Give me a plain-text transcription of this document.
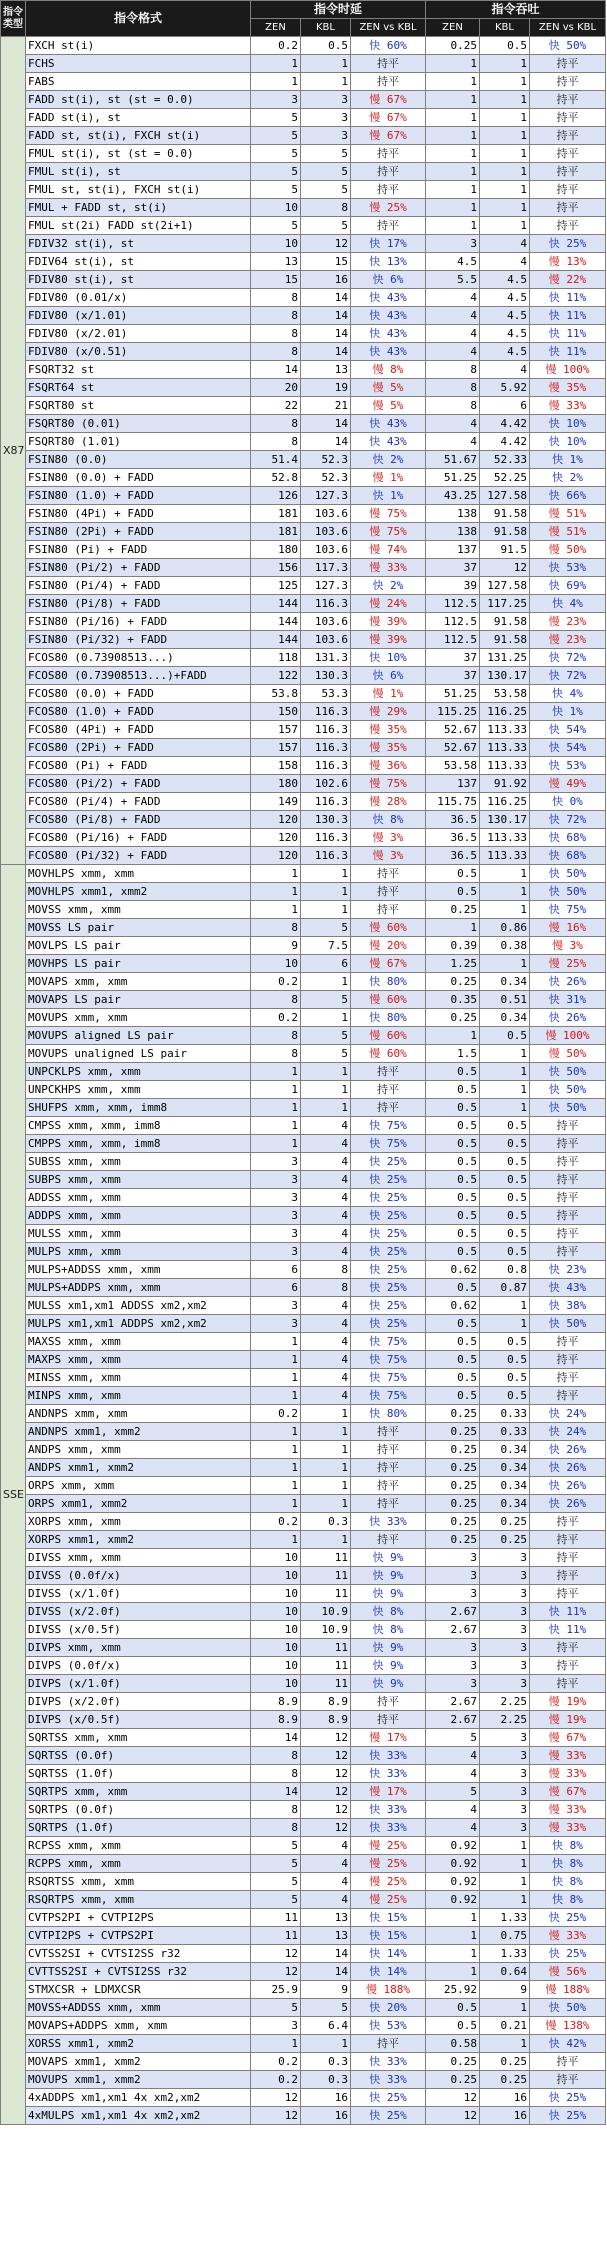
指令类型	指令格式	指令时延			指令吞吐		
		ZEN	KBL	ZEN vs KBL	ZEN	KBL	ZEN vs KBL
X87	FXCH st(i)	0.2	0.5	快 60%	0.25	0.5	快 50%
	FCHS	1	1	持平	1	1	持平
	FABS	1	1	持平	1	1	持平
	FADD st(i), st (st = 0.0)	3	3	慢 67%	1	1	持平
	FADD st(i), st	5	3	慢 67%	1	1	持平
	FADD st, st(i), FXCH st(i)	5	3	慢 67%	1	1	持平
	FMUL st(i), st (st = 0.0)	5	5	持平	1	1	持平
	FMUL st(i), st	5	5	持平	1	1	持平
	FMUL st, st(i), FXCH st(i)	5	5	持平	1	1	持平
	FMUL + FADD st, st(i)	10	8	慢 25%	1	1	持平
	FMUL st(2i) FADD st(2i+1)	5	5	持平	1	1	持平
	FDIV32 st(i), st	10	12	快 17%	3	4	快 25%
	FDIV64 st(i), st	13	15	快 13%	4.5	4	慢 13%
	FDIV80 st(i), st	15	16	快 6%	5.5	4.5	慢 22%
	FDIV80 (0.01/x)	8	14	快 43%	4	4.5	快 11%
	FDIV80 (x/1.01)	8	14	快 43%	4	4.5	快 11%
	FDIV80 (x/2.01)	8	14	快 43%	4	4.5	快 11%
	FDIV80 (x/0.51)	8	14	快 43%	4	4.5	快 11%
	FSQRT32 st	14	13	慢 8%	8	4	慢 100%
	FSQRT64 st	20	19	慢 5%	8	5.92	慢 35%
	FSQRT80 st	22	21	慢 5%	8	6	慢 33%
	FSQRT80 (0.01)	8	14	快 43%	4	4.42	快 10%
	FSQRT80 (1.01)	8	14	快 43%	4	4.42	快 10%
	FSIN80 (0.0)	51.4	52.3	快 2%	51.67	52.33	快 1%
	FSIN80 (0.0) + FADD	52.8	52.3	慢 1%	51.25	52.25	快 2%
	FSIN80 (1.0) + FADD	126	127.3	快 1%	43.25	127.58	快 66%
	FSIN80 (4Pi) + FADD	181	103.6	慢 75%	138	91.58	慢 51%
	FSIN80 (2Pi) + FADD	181	103.6	慢 75%	138	91.58	慢 51%
	FSIN80 (Pi) + FADD	180	103.6	慢 74%	137	91.5	慢 50%
	FSIN80 (Pi/2) + FADD	156	117.3	慢 33%	37	12	快 53%
	FSIN80 (Pi/4) + FADD	125	127.3	快 2%	39	127.58	快 69%
	FSIN80 (Pi/8) + FADD	144	116.3	慢 24%	112.5	117.25	快 4%
	FSIN80 (Pi/16) + FADD	144	103.6	慢 39%	112.5	91.58	慢 23%
	FSIN80 (Pi/32) + FADD	144	103.6	慢 39%	112.5	91.58	慢 23%
	FCOS80 (0.73908513...)	118	131.3	快 10%	37	131.25	快 72%
	FCOS80 (0.73908513...)+FADD	122	130.3	快 6%	37	130.17	快 72%
	FCOS80 (0.0) + FADD	53.8	53.3	慢 1%	51.25	53.58	快 4%
	FCOS80 (1.0) + FADD	150	116.3	慢 29%	115.25	116.25	快 1%
	FCOS80 (4Pi) + FADD	157	116.3	慢 35%	52.67	113.33	快 54%
	FCOS80 (2Pi) + FADD	157	116.3	慢 35%	52.67	113.33	快 54%
	FCOS80 (Pi) + FADD	158	116.3	慢 36%	53.58	113.33	快 53%
	FCOS80 (Pi/2) + FADD	180	102.6	慢 75%	137	91.92	慢 49%
	FCOS80 (Pi/4) + FADD	149	116.3	慢 28%	115.75	116.25	快 0%
	FCOS80 (Pi/8) + FADD	120	130.3	快 8%	36.5	130.17	快 72%
	FCOS80 (Pi/16) + FADD	120	116.3	慢 3%	36.5	113.33	快 68%
	FCOS80 (Pi/32) + FADD	120	116.3	慢 3%	36.5	113.33	快 68%
SSE	MOVHLPS xmm, xmm	1	1	持平	0.5	1	快 50%
	MOVHLPS xmm1, xmm2	1	1	持平	0.5	1	快 50%
	MOVSS xmm, xmm	1	1	持平	0.25	1	快 75%
	MOVSS LS pair	8	5	慢 60%	1	0.86	慢 16%
	MOVLPS LS pair	9	7.5	慢 20%	0.39	0.38	慢 3%
	MOVHPS LS pair	10	6	慢 67%	1.25	1	慢 25%
	MOVAPS xmm, xmm	0.2	1	快 80%	0.25	0.34	快 26%
	MOVAPS LS pair	8	5	慢 60%	0.35	0.51	快 31%
	MOVUPS xmm, xmm	0.2	1	快 80%	0.25	0.34	快 26%
	MOVUPS aligned LS pair	8	5	慢 60%	1	0.5	慢 100%
	MOVUPS unaligned LS pair	8	5	慢 60%	1.5	1	慢 50%
	UNPCKLPS xmm, xmm	1	1	持平	0.5	1	快 50%
	UNPCKHPS xmm, xmm	1	1	持平	0.5	1	快 50%
	SHUFPS xmm, xmm, imm8	1	1	持平	0.5	1	快 50%
	CMPSS xmm, xmm, imm8	1	4	快 75%	0.5	0.5	持平
	CMPPS xmm, xmm, imm8	1	4	快 75%	0.5	0.5	持平
	SUBSS xmm, xmm	3	4	快 25%	0.5	0.5	持平
	SUBPS xmm, xmm	3	4	快 25%	0.5	0.5	持平
	ADDSS xmm, xmm	3	4	快 25%	0.5	0.5	持平
	ADDPS xmm, xmm	3	4	快 25%	0.5	0.5	持平
	MULSS xmm, xmm	3	4	快 25%	0.5	0.5	持平
	MULPS xmm, xmm	3	4	快 25%	0.5	0.5	持平
	MULPS+ADDSS xmm, xmm	6	8	快 25%	0.62	0.8	快 23%
	MULPS+ADDPS xmm, xmm	6	8	快 25%	0.5	0.87	快 43%
	MULSS xm1,xm1 ADDSS xm2,xm2	3	4	快 25%	0.62	1	快 38%
	MULPS xm1,xm1 ADDPS xm2,xm2	3	4	快 25%	0.5	1	快 50%
	MAXSS xmm, xmm	1	4	快 75%	0.5	0.5	持平
	MAXPS xmm, xmm	1	4	快 75%	0.5	0.5	持平
	MINSS xmm, xmm	1	4	快 75%	0.5	0.5	持平
	MINPS xmm, xmm	1	4	快 75%	0.5	0.5	持平
	ANDNPS xmm, xmm	0.2	1	快 80%	0.25	0.33	快 24%
	ANDNPS xmm1, xmm2	1	1	持平	0.25	0.33	快 24%
	ANDPS xmm, xmm	1	1	持平	0.25	0.34	快 26%
	ANDPS xmm1, xmm2	1	1	持平	0.25	0.34	快 26%
	ORPS xmm, xmm	1	1	持平	0.25	0.34	快 26%
	ORPS xmm1, xmm2	1	1	持平	0.25	0.34	快 26%
	XORPS xmm, xmm	0.2	0.3	快 33%	0.25	0.25	持平
	XORPS xmm1, xmm2	1	1	持平	0.25	0.25	持平
	DIVSS xmm, xmm	10	11	快 9%	3	3	持平
	DIVSS (0.0f/x)	10	11	快 9%	3	3	持平
	DIVSS (x/1.0f)	10	11	快 9%	3	3	持平
	DIVSS (x/2.0f)	10	10.9	快 8%	2.67	3	快 11%
	DIVSS (x/0.5f)	10	10.9	快 8%	2.67	3	快 11%
	DIVPS xmm, xmm	10	11	快 9%	3	3	持平
	DIVPS (0.0f/x)	10	11	快 9%	3	3	持平
	DIVPS (x/1.0f)	10	11	快 9%	3	3	持平
	DIVPS (x/2.0f)	8.9	8.9	持平	2.67	2.25	慢 19%
	DIVPS (x/0.5f)	8.9	8.9	持平	2.67	2.25	慢 19%
	SQRTSS xmm, xmm	14	12	慢 17%	5	3	慢 67%
	SQRTSS (0.0f)	8	12	快 33%	4	3	慢 33%
	SQRTSS (1.0f)	8	12	快 33%	4	3	慢 33%
	SQRTPS xmm, xmm	14	12	慢 17%	5	3	慢 67%
	SQRTPS (0.0f)	8	12	快 33%	4	3	慢 33%
	SQRTPS (1.0f)	8	12	快 33%	4	3	慢 33%
	RCPSS xmm, xmm	5	4	慢 25%	0.92	1	快 8%
	RCPPS xmm, xmm	5	4	慢 25%	0.92	1	快 8%
	RSQRTSS xmm, xmm	5	4	慢 25%	0.92	1	快 8%
	RSQRTPS xmm, xmm	5	4	慢 25%	0.92	1	快 8%
	CVTPS2PI + CVTPI2PS	11	13	快 15%	1	1.33	快 25%
	CVTPI2PS + CVTPS2PI	11	13	快 15%	1	0.75	慢 33%
	CVTSS2SI + CVTSI2SS r32	12	14	快 14%	1	1.33	快 25%
	CVTTSS2SI + CVTSI2SS r32	12	14	快 14%	1	0.64	慢 56%
	STMXCSR + LDMXCSR	25.9	9	慢 188%	25.92	9	慢 188%
	MOVSS+ADDSS xmm, xmm	5	5	快 20%	0.5	1	快 50%
	MOVAPS+ADDPS xmm, xmm	3	6.4	快 53%	0.5	0.21	慢 138%
	XORSS xmm1, xmm2	1	1	持平	0.58	1	快 42%
	MOVAPS xmm1, xmm2	0.2	0.3	快 33%	0.25	0.25	持平
	MOVUPS xmm1, xmm2	0.2	0.3	快 33%	0.25	0.25	持平
	4xADDPS xm1,xm1 4x xm2,xm2	12	16	快 25%	12	16	快 25%
	4xMULPS xm1,xm1 4x xm2,xm2	12	16	快 25%	12	16	快 25%
